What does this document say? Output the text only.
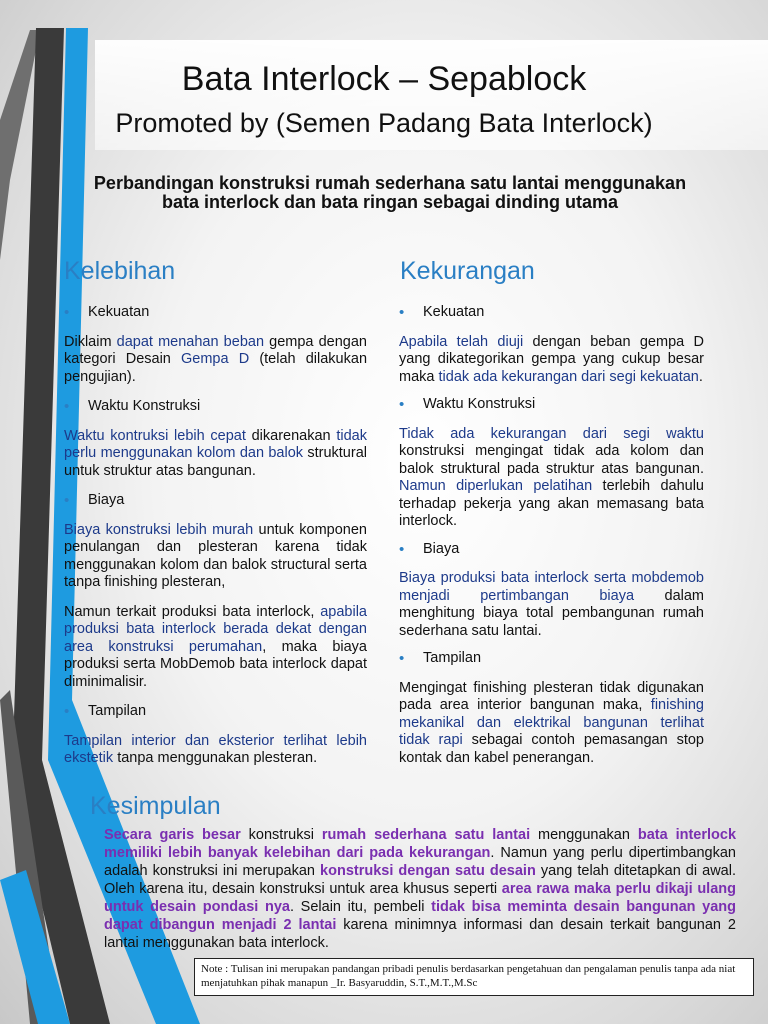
Bata Interlock – Sepablock
Promoted by (Semen Padang Bata Interlock)
Perbandingan konstruksi rumah sederhana satu lantai menggunakan bata interlock dan bata ringan sebagai dinding utama
Kelebihan	Kekurangan
•	Kekuatan

Diklaim dapat menahan beban gempa dengan kategori Desain Gempa D (telah dilakukan pengujian).

•	Waktu Konstruksi

Waktu kontruksi lebih cepat dikarenakan tidak perlu menggunakan kolom dan balok struktural untuk struktur atas bangunan.

•	Biaya

Biaya konstruksi lebih murah untuk komponen penulangan dan plesteran karena tidak menggunakan kolom dan balok structural serta tanpa finishing plesteran,

Namun terkait produksi bata interlock, apabila produksi bata interlock berada dekat dengan area konstruksi perumahan, maka biaya produksi serta MobDemob bata interlock dapat diminimalisir.

•	Tampilan

Tampilan interior dan eksterior terlihat lebih ekstetik tanpa menggunakan plesteran.

•	Kekuatan

Apabila telah diuji dengan beban gempa D yang dikategorikan gempa yang cukup besar maka tidak ada kekurangan dari segi kekuatan.

•	Waktu Konstruksi

Tidak ada kekurangan dari segi waktu konstruksi mengingat tidak ada kolom dan balok struktural pada struktur atas bangunan. Namun diperlukan pelatihan terlebih dahulu terhadap pekerja yang akan memasang bata interlock.

•	Biaya

Biaya produksi bata interlock serta mobdemob menjadi pertimbangan biaya dalam menghitung biaya total pembangunan rumah sederhana satu lantai.

•	Tampilan

Mengingat finishing plesteran tidak digunakan pada area interior bangunan maka, finishing mekanikal dan elektrikal bangunan terlihat tidak rapi sebagai contoh pemasangan stop kontak dan kabel penerangan.

Kesimpulan

Secara garis besar konstruksi rumah sederhana satu lantai menggunakan bata interlock memiliki lebih banyak kelebihan dari pada kekurangan. Namun yang perlu dipertimbangkan adalah konstruksi ini merupakan konstruksi dengan satu desain yang telah ditetapkan di awal. Oleh karena itu, desain konstruksi untuk area khusus seperti area rawa maka perlu dikaji ulang untuk desain pondasi nya. Selain itu, pembeli tidak bisa meminta desain bangunan yang dapat dibangun menjadi 2 lantai karena minimnya informasi dan desain terkait bangunan 2 lantai menggunakan bata interlock.

Note : Tulisan ini merupakan pandangan pribadi penulis berdasarkan pengetahuan dan pengalaman penulis tanpa ada niat menjatuhkan pihak manapun _Ir. Basyaruddin, S.T.,M.T.,M.Sc
